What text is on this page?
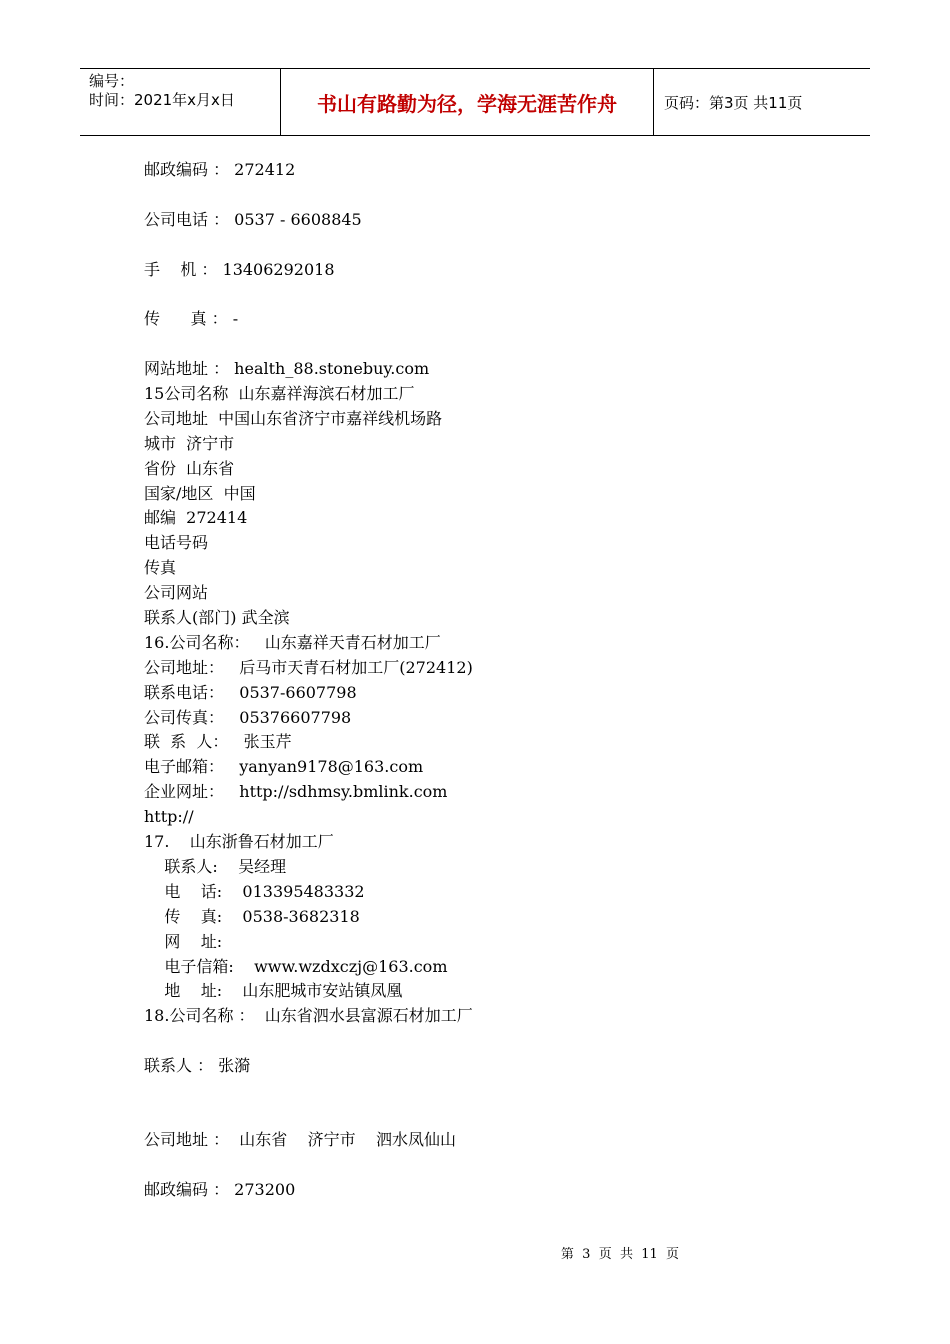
编号：
时间：2021年x月x日	书山有路勤为径，学海无涯苦作舟	页码：第3页 共11页
邮政编码 ： 272412
公司电话 ： 0537 - 6608845
手    机 ： 13406292018
传      真 ： -
网站地址 ： health_88.stonebuy.com
15公司名称  山东嘉祥海滨石材加工厂
公司地址  中国山东省济宁市嘉祥线机场路
城市  济宁市
省份  山东省
国家/地区  中国
邮编  272414
电话号码
传真
公司网站
联系人(部门) 武全滨
16.公司名称：   山东嘉祥天青石材加工厂
公司地址：   后马市天青石材加工厂(272412)
联系电话：   0537-6607798
公司传真：   05376607798
联  系  人：   张玉芹
电子邮箱：   yanyan9178@163.com
企业网址：   http://sdhmsy.bmlink.com
http://
17.    山东浙鲁石材加工厂
联系人:    吴经理
电    话:    013395483332
传    真:    0538-3682318
网    址:
电子信箱:    www.wzdxczj@163.com
地    址:    山东肥城市安站镇凤凰
18.公司名称 ：  山东省泗水县富源石材加工厂
联系人 ： 张漪
公司地址 ：  山东省    济宁市    泗水凤仙山
邮政编码 ： 273200
第  3  页  共  11  页
